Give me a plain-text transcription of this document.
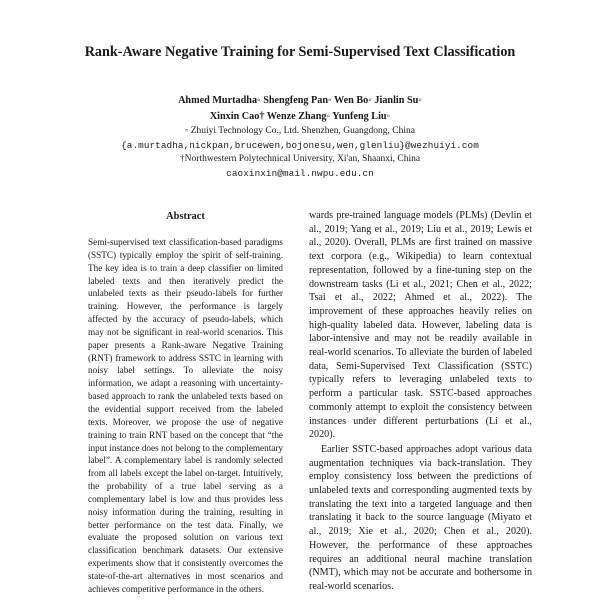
Rank-Aware Negative Training for Semi-Supervised Text Classification
Ahmed Murtadha◦ Shengfeng Pan◦ Wen Bo◦ Jianlin Su◦
Xinxin Cao† Wenze Zhang◦ Yunfeng Liu◦
◦ Zhuiyi Technology Co., Ltd. Shenzhen, Guangdong, China
{a.murtadha,nickpan,brucewen,bojonesu,wen,glenliu}@wezhuiyi.com
†Northwestern Polytechnical University, Xi'an, Shaanxi, China
caoxinxin@mail.nwpu.edu.cn
Abstract

Semi-supervised text classification-based paradigms (SSTC) typically employ the spirit of self-training. The key idea is to train a deep classifier on limited labeled texts and then iteratively predict the unlabeled texts as their pseudo-labels for further training. However, the performance is largely affected by the accuracy of pseudo-labels, which may not be significant in real-world scenarios. This paper presents a Rank-aware Negative Training (RNT) framework to address SSTC in learning with noisy label settings. To alleviate the noisy information, we adapt a reasoning with uncertainty-based approach to rank the unlabeled texts based on the evidential support received from the labeled texts. Moreover, we propose the use of negative training to train RNT based on the concept that “the input instance does not belong to the complementary label”. A complementary label is randomly selected from all labels except the label on-target. Intuitively, the probability of a true label serving as a complementary label is low and thus provides less noisy information during the training, resulting in better performance on the test data. Finally, we evaluate the proposed solution on various text classification benchmark datasets. Our extensive experiments show that it consistently overcomes the state-of-the-art alternatives in most scenarios and achieves competitive performance in the others.

wards pre-trained language models (PLMs) (Devlin et al., 2019; Yang et al., 2019; Liu et al., 2019; Lewis et al., 2020). Overall, PLMs are first trained on massive text corpora (e.g., Wikipedia) to learn contextual representation, followed by a fine-tuning step on the downstream tasks (Li et al., 2021; Chen et al., 2022; Tsai et al., 2022; Ahmed et al., 2022). The improvement of these approaches heavily relies on high-quality labeled data. However, labeling data is labor-intensive and may not be readily available in real-world scenarios. To alleviate the burden of labeled data, Semi-Supervised Text Classification (SSTC) typically refers to leveraging unlabeled texts to perform a particular task. SSTC-based approaches commonly attempt to exploit the consistency between instances under different perturbations (Li et al., 2020).

Earlier SSTC-based approaches adopt various data augmentation techniques via back-translation. They employ consistency loss between the predictions of unlabeled texts and corresponding augmented texts by translating the text into a targeted language and then translating it back to the source language (Miyato et al., 2019; Xie et al., 2020; Chen et al., 2020). However, the performance of these approaches requires an additional neural machine translation (NMT), which may not be accurate and bothersome in real-world scenarios.
